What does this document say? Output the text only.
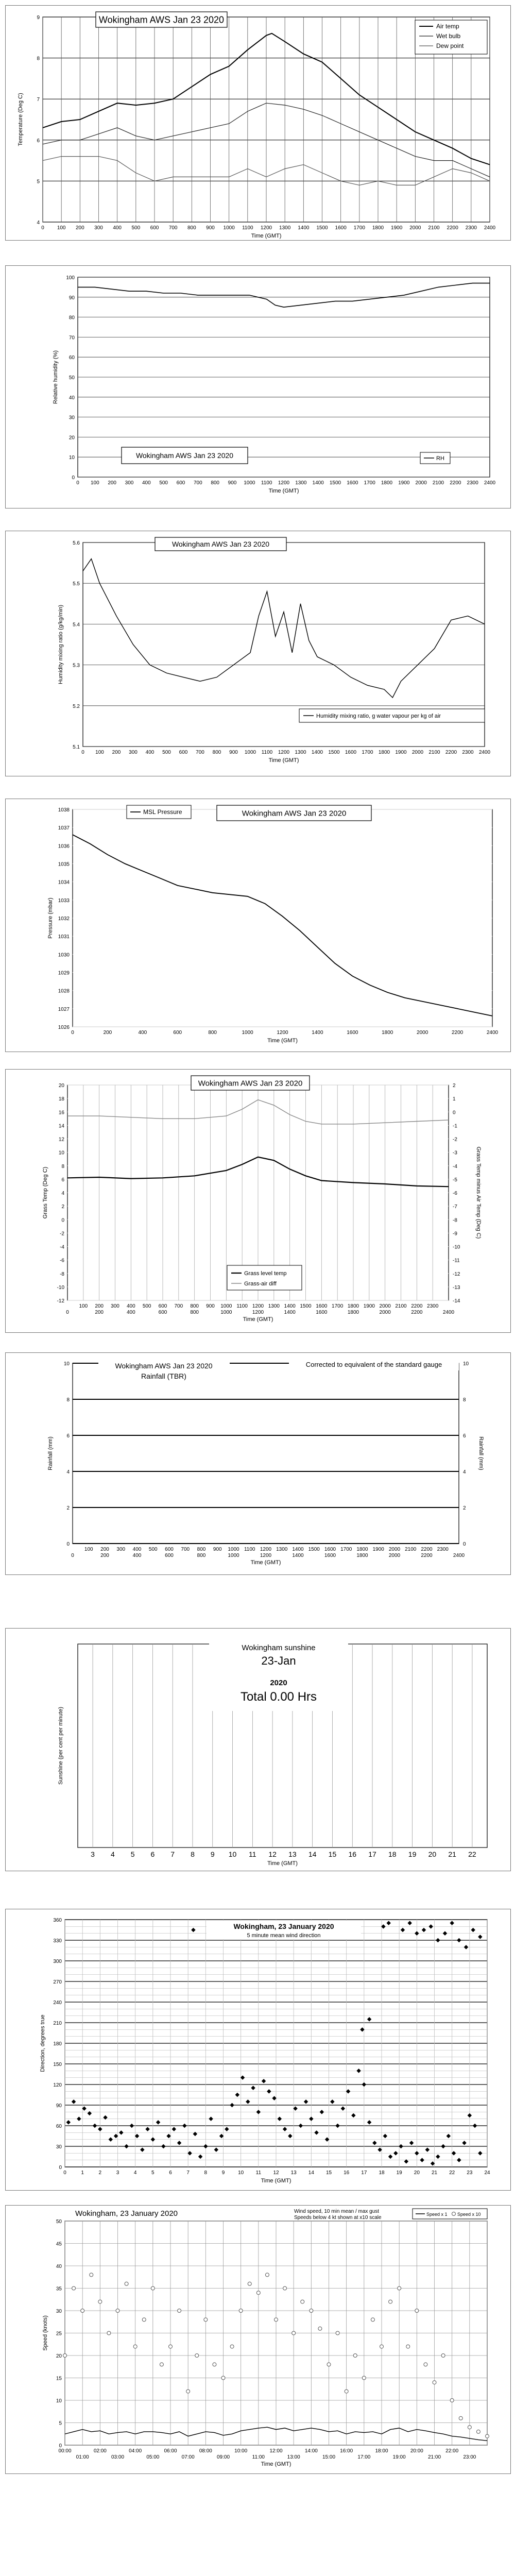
4
5
6
7
8
9
0	100 200 300 400 500 600 700 800 900 1000 1100 1200 1300 1400 1500 1600 1700 1800 1900 2000 2100 2200 2300 2400
Time (GMT)
Temperature (Deg C)
Wokingham AWS Jan 23 2020
Air temp
Wet bulb
Dew point
0
10
20
30
40
50
60
70
80
90
100
0 100 200 300 400 500 600 700 800 900 1000 1100 1200 1300 1400 1500 1600 1700 1800 1900 2000 2100 2200 2300 2400
Time (GMT)
Relative humidity (%)
Wokingham AWS Jan 23 2020	RH
5.1
5.2
5.3
5.4
5.5
5.6
0 100 200 300 400 500 600 700 800 900 1000 1100 1200 1300 1400 1500 1600 1700 1800 1900 2000 2100 2200 2300 2400
Time (GMT)
Humidity mixing ratio (g/kg/min)
Wokingham AWS Jan 23 2020
Humidity mixing ratio, g water vapour per kg of air
1026
1027
1028
1029
1030
1031
1032
1033
1034
1035
1036
1037
1038
0	200	400	600	800	1000	1200	1400	1600	1800	2000	2200	2400
Time (GMT)
Pressure (mbar)
MSL Pressure	Wokingham AWS Jan 23 2020
-12
-10
-8
-6
-4
-2
0
2
4
6
8
10
12
14
16
18
20
100 200 300 400 500 600 700 800 900 1000 1100 1200 1300 1400 1500 1600 1700 1800 1900 2000 2100 2200 2300
0	200	400	600	800	1000	1200	1400	1600	1800	2000	2200	2400
Time (GMT)
Grass Temp (Deg C)
-14
-13
-12
-11
-10
-9
-8
-7
-6
-5
-4
-3
-2
-1
0
1
2
Grass Temp minus Air Temp (Deg C)
Wokingham AWS Jan 23 2020
Grass level temp
Grass-air diff
0
2
4
6
8
10
100 200 300 400 500 600 700 800 900 1000 1100 1200 1300 1400 1500 1600 1700 1800 1900 2000 2100 2200 2300
0	200	400	600	800	1000	1200	1400	1600	1800	2000	2200	2400
Time (GMT)
Rainfall (mm)
0
2
4
6
8
10
Rainfall (mm)
Wokingham AWS Jan 23 2020
Rainfall (TBR)
Corrected to equivalent of the standard gauge
3 4 5 6 7 8 9 10 11 12 13 14 15 16 17 18 19 20 21 22
Time (GMT)
Sunshine (per cent per minute)
Wokingham sunshine
23-Jan
2020
Total 0.00 Hrs
0
30
60
90
120
150
180
210
240
270
300
330
360
0	1	2	3	4	5	6	7	8	9	10 11 12 13 14 15 16 17 18 19 20 21 22 23 24
Time (GMT)
Direction, degrees true
Wokingham, 23 January 2020
5 minute mean wind direction
0
5
10
15
20
25
30
35
40
45
50
00:00	02:00	04:00	06:00	08:00	10:00	12:00	14:00	16:00	18:00	20:00	22:00
01:00	03:00	05:00	07:00	09:00	11:00	13:00	15:00	17:00	19:00	21:00	23:00
Time (GMT)
Speed (knots)
Wokingham, 23 January 2020	Wind speed, 10 min mean / max gust
Speeds below 4 kt shown at x10 scale
Speed x 1 Speed x 10
